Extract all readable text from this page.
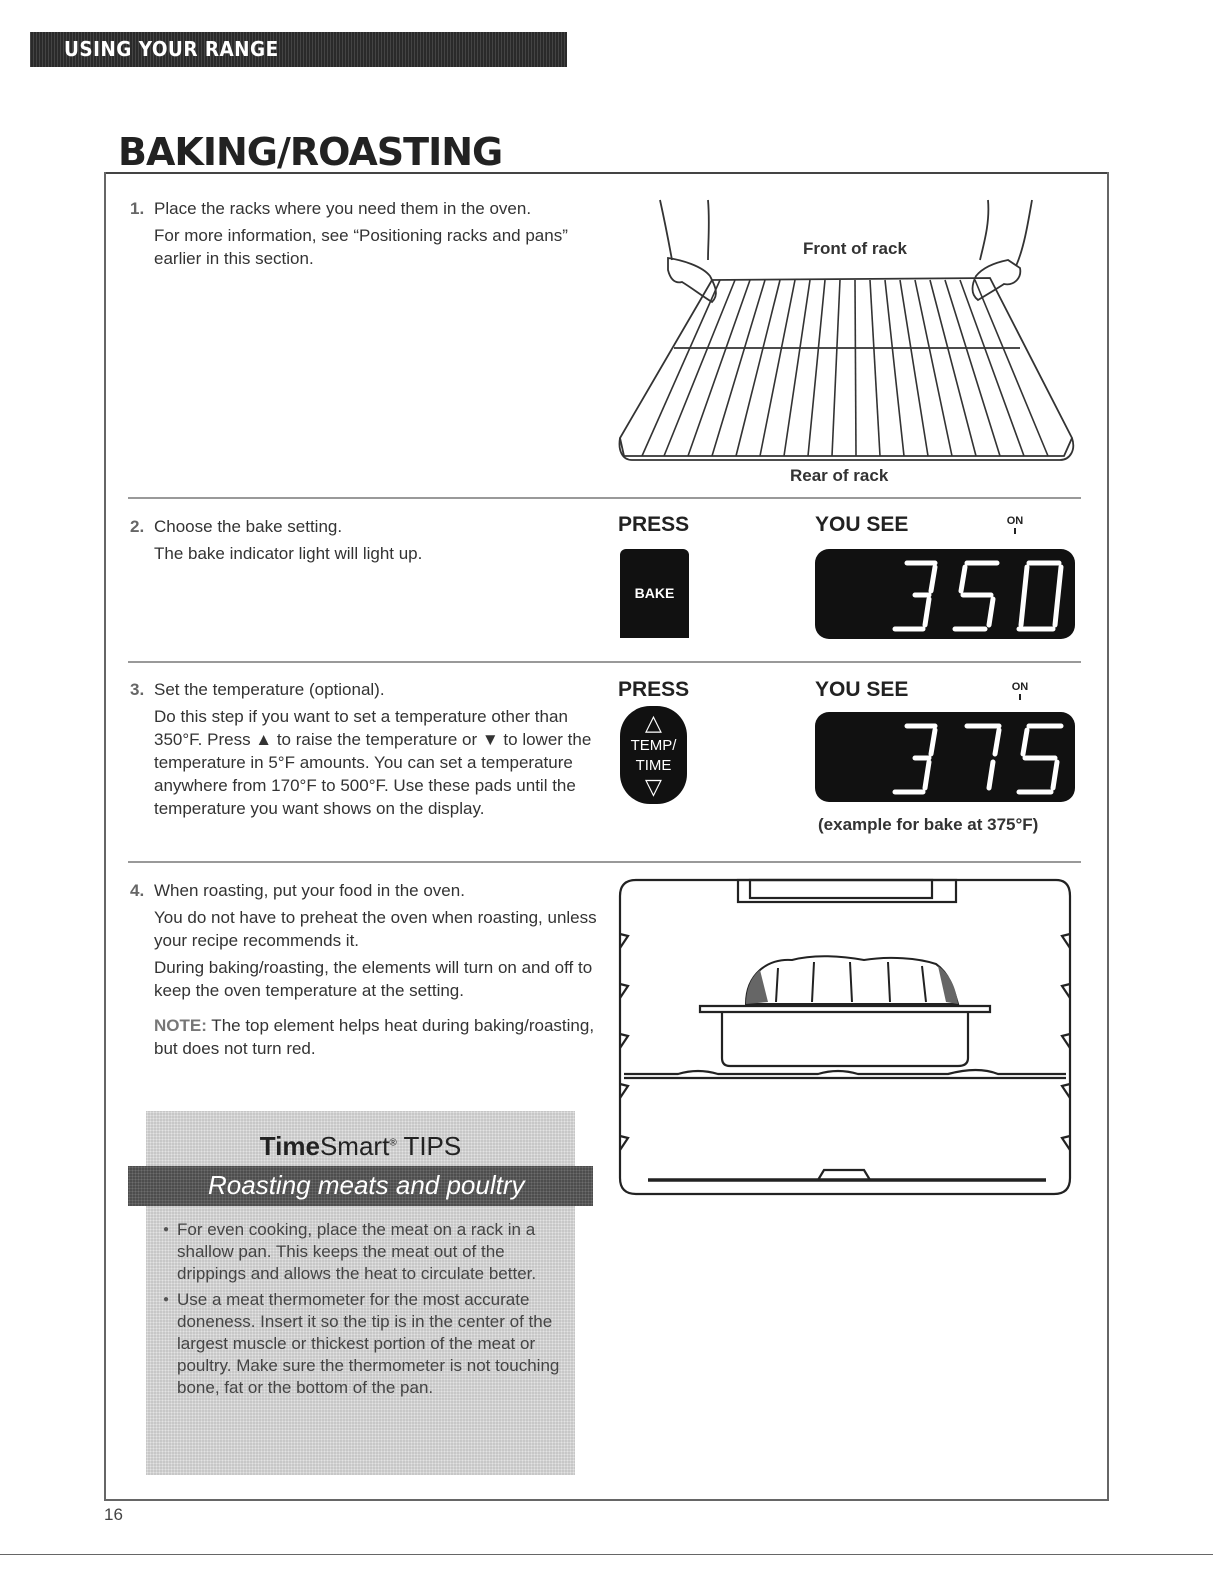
USING YOUR RANGE
BAKING/ROASTING
1. Place the racks where you need them in the oven.

For more information, see “Positioning racks and pans” earlier in this section.

Front of rack
Rear of rack
2. Choose the bake setting.

The bake indicator light will light up.

PRESS	YOU SEE	ON
BAKE
3. Set the temperature (optional).

Do this step if you want to set a temperature other than 350°F. Press ▲ to raise the temperature or ▼ to lower the temperature in 5°F amounts. You can set a temperature anywhere from 170°F to 500°F. Use these pads until the temperature you want shows on the display.

PRESS	YOU SEE	ON
△
TEMP/
TIME
▽
(example for bake at 375°F)
4. When roasting, put your food in the oven.

You do not have to preheat the oven when roasting, unless your recipe recommends it.

During baking/roasting, the elements will turn on and off to keep the oven temperature at the setting.

NOTE: The top element helps heat during baking/roasting, but does not turn red.

TimeSmart® TIPS
Roasting meats and poultry
● For even cooking, place the meat on a rack in a shallow pan. This keeps the meat out of the drippings and allows the heat to circulate better.
● Use a meat thermometer for the most accurate doneness. Insert it so the tip is in the center of the largest muscle or thickest portion of the meat or poultry. Make sure the thermometer is not touching bone, fat or the bottom of the pan.
16
